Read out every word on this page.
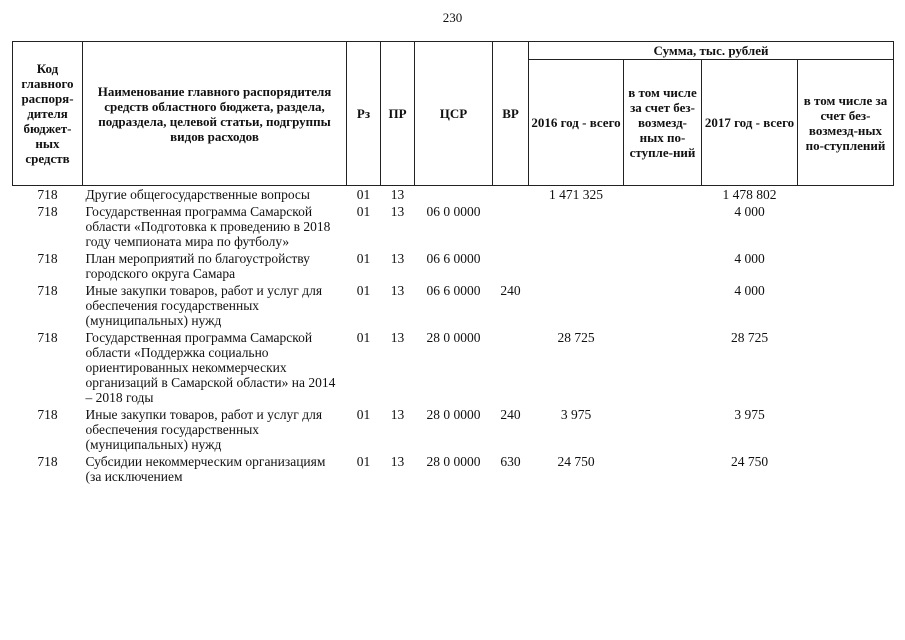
230
Код главного распоря-дителя бюджет-ных средств	Наименование главного распорядителя средств областного бюджета, раздела, подраздела, целевой статьи, подгруппы видов расходов	Рз	ПР	ЦСР	ВР	Сумма, тыс. рублей			
						2016 год - всего	в том числе за счет без-возмезд-ных по-ступле-ний	2017 год - всего	в том числе за счет без-возмезд-ных по-ступлений
718	Другие общегосударственные вопросы	01	13			1 471 325		1 478 802	
718	Государственная программа Самарской области «Подготовка к проведению в 2018 году чемпионата мира по футболу»	01	13	06 0 0000				4 000	
718	План мероприятий по благоустройству городского округа Самара	01	13	06 6 0000				4 000	
718	Иные закупки товаров, работ и услуг для обеспечения государственных (муниципальных) нужд	01	13	06 6 0000	240			4 000	
718	Государственная программа Самарской области «Поддержка социально ориентированных некоммерческих организаций в Самарской области» на 2014 – 2018 годы	01	13	28 0 0000		28 725		28 725	
718	Иные закупки товаров, работ и услуг для обеспечения государственных (муниципальных) нужд	01	13	28 0 0000	240	3 975		3 975	
718	Субсидии некоммерческим организациям (за исключением	01	13	28 0 0000	630	24 750		24 750	
